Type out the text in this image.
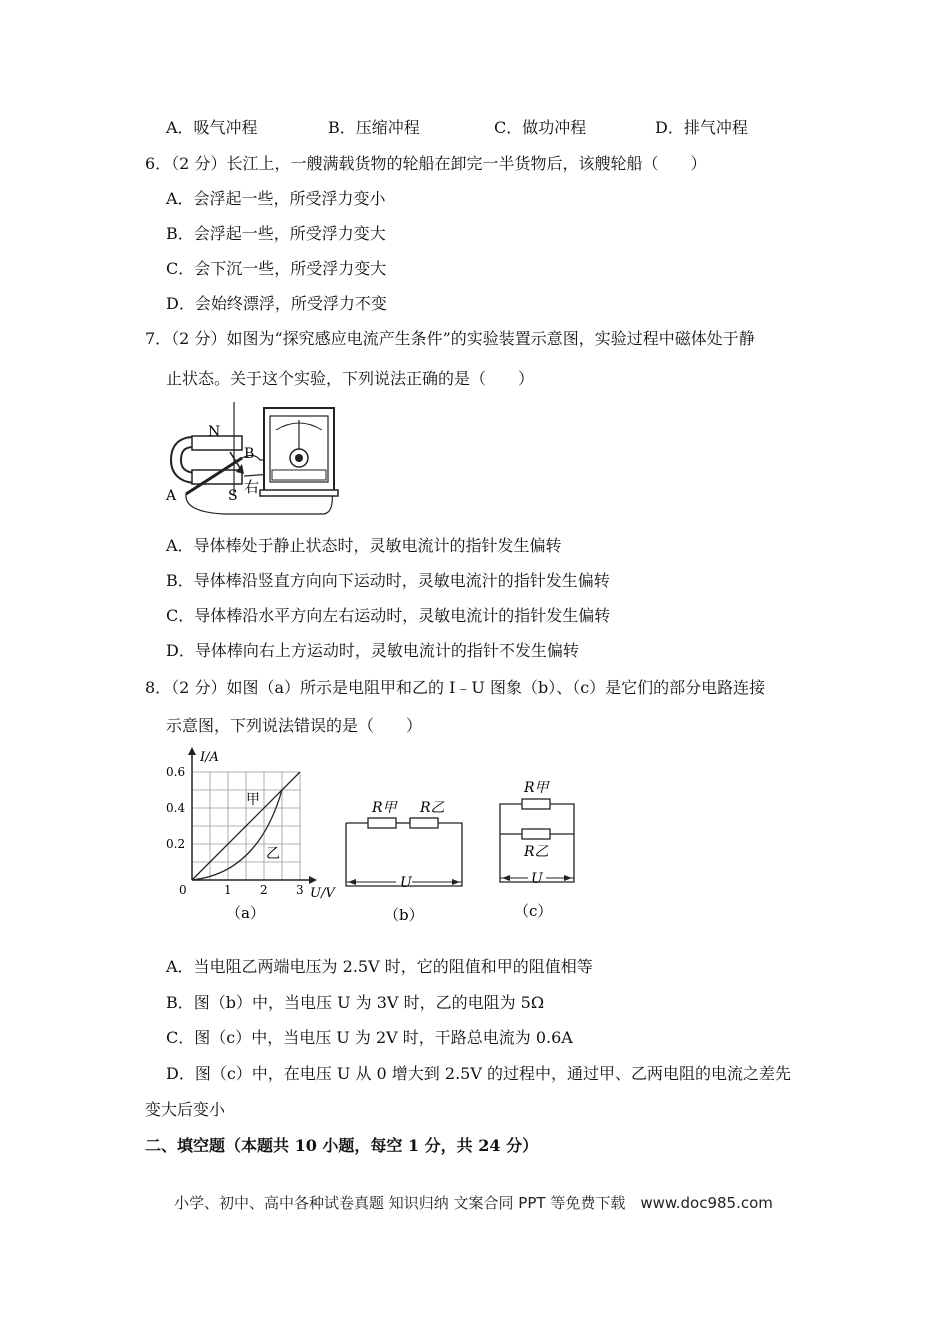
A．吸气冲程	B．压缩冲程	C．做功冲程	D．排气冲程
6．（2 分）长江上，一艘满载货物的轮船在卸完一半货物后，该艘轮船（　　）
A．会浮起一些，所受浮力变小
B．会浮起一些，所受浮力变大
C．会下沉一些，所受浮力变大
D．会始终漂浮，所受浮力不变
7．（2 分）如图为“探究感应电流产生条件”的实验装置示意图，实验过程中磁体处于静
止状态。关于这个实验，下列说法正确的是（　　）
N
B
S
A	右
A．导体棒处于静止状态时，灵敏电流计的指针发生偏转
B．导体棒沿竖直方向向下运动时，灵敏电流汁的指针发生偏转
C．导体棒沿水平方向左右运动时，灵敏电流计的指针发生偏转
D．导体棒向右上方运动时，灵敏电流计的指针不发生偏转
8．（2 分）如图（a）所示是电阻甲和乙的 I﹣U 图象（b）、（c）是它们的部分电路连接
示意图，下列说法错误的是（　　）
I/A
U/V
0.6
0.4
0.2
0	1 2 3
甲
乙
（a）
R甲 R乙
U
（b）
R甲
R乙
U
（c）
A．当电阻乙两端电压为 2.5V 时，它的阻值和甲的阻值相等
B．图（b）中，当电压 U 为 3V 时，乙的电阻为 5Ω
C．图（c）中，当电压 U 为 2V 时，干路总电流为 0.6A
D．图（c）中，在电压 U 从 0 增大到 2.5V 的过程中，通过甲、乙两电阻的电流之差先
变大后变小
二、填空题（本题共 10 小题，每空 1 分，共 24 分）
小学、初中、高中各种试卷真题 知识归纳 文案合同 PPT 等免费下载　www.doc985.com
